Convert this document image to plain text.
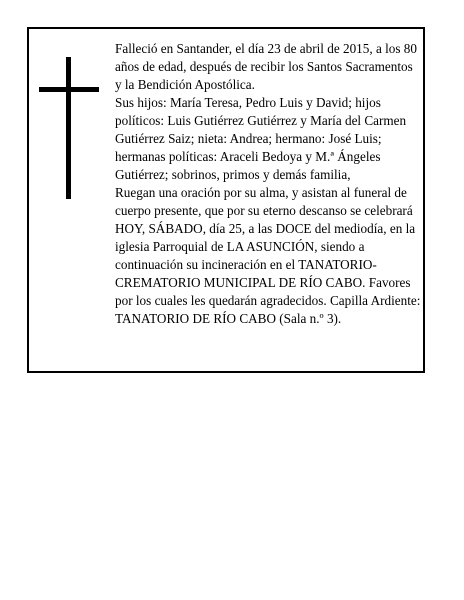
Falleció en Santander, el día 23 de abril de 2015, a los 80 años de edad, después de recibir los Santos Sacramentos y la Bendición Apostólica.

Sus hijos: María Teresa, Pedro Luis y David; hijos políticos: Luis Gutiérrez Gutiérrez y María del Carmen Gutiérrez Saiz; nieta: Andrea; hermano: José Luis; hermanas políticas: Araceli Bedoya y M.ª Ángeles Gutiérrez; sobrinos, primos y demás familia,

Ruegan una oración por su alma, y asistan al funeral de cuerpo presente, que por su eterno descanso se celebrará HOY, SÁBADO, día 25, a las DOCE del mediodía, en la iglesia Parroquial de LA ASUNCIÓN, siendo a continuación su incineración en el TANATORIO-CREMATORIO MUNICIPAL DE RÍO CABO. Favores por los cuales les quedarán agradecidos. Capilla Ardiente: TANATORIO DE RÍO CABO (Sala n.º 3).
